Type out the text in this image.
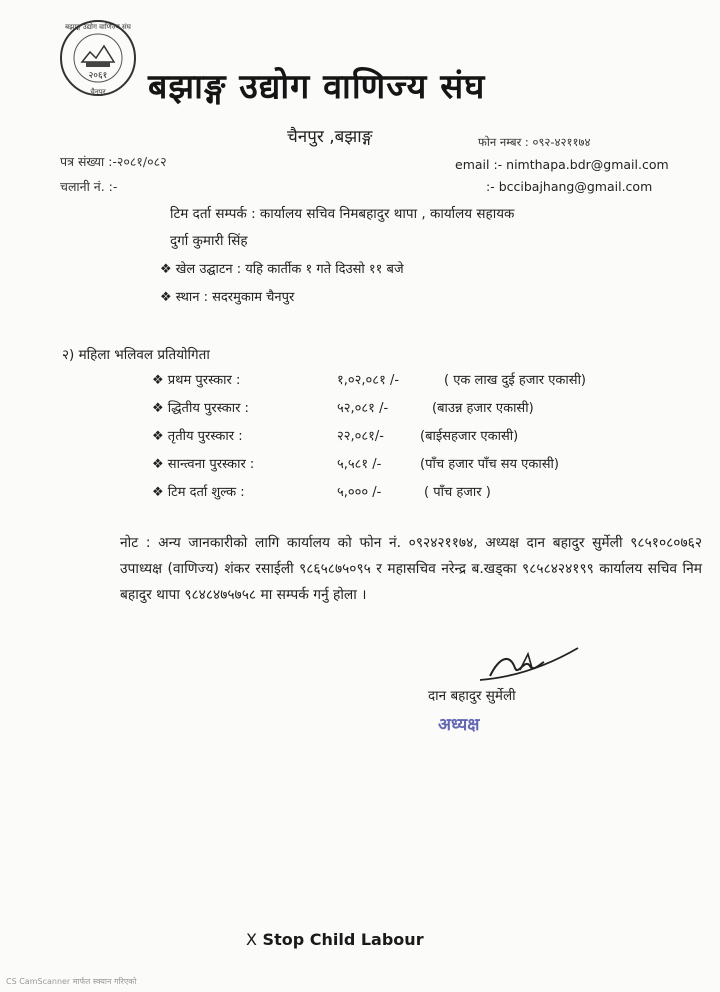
२०६१
बझाङ्ग उद्योग वाणिज्य संघ
चैनपुर बझाङ्ग उद्योग वाणिज्य संघ
चैनपुर ,बझाङ्ग	फोन नम्बर : ०९२-४२११७४
email :- nimthapa.bdr@gmail.com
:- bccibajhang@gmail.com
पत्र संख्या :-२०८१/०८२
चलानी नं. :-
टिम दर्ता सम्पर्क : कार्यालय सचिव निमबहादुर थापा , कार्यालय सहायक
दुर्गा कुमारी सिंह
❖ खेल उद्घाटन : यहि कार्तीक १ गते दिउसो ११ बजे
❖ स्थान : सदरमुकाम चैनपुर
२) महिला भलिवल प्रतियोगिता
❖ प्रथम पुरस्कार :	१,०२,०८१ /-	( एक लाख दुई हजार एकासी)
❖ द्धितीय पुरस्कार :	५२,०८१ /-	(बाउन्न हजार एकासी)
❖ तृतीय पुरस्कार :	२२,०८१/-	(बाईसहजार एकासी)
❖ सान्त्वना पुरस्कार :	५,५८१ /-	(पाँच हजार पाँच सय एकासी)
❖ टिम दर्ता शुल्क :	५,००० /-	( पाँच हजार )
नोट : अन्य जानकारीको लागि कार्यालय को फोन नं. ०९२४२११७४, अध्यक्ष दान बहादुर सुर्मेली ९८५१०८०७६२ उपाध्यक्ष (वाणिज्य) शंकर रसाईली ९८६५८७५०९५ र महासचिव नरेन्द्र ब.खड्का ९८५८४२४१९९ कार्यालय सचिव निम बहादुर थापा ९८४८४७५७५८ मा सम्पर्क गर्नु होला ।
दान बहादुर सुर्मेली
अध्यक्ष
X Stop Child Labour
CS CamScanner मार्फत स्क्यान गरिएको
